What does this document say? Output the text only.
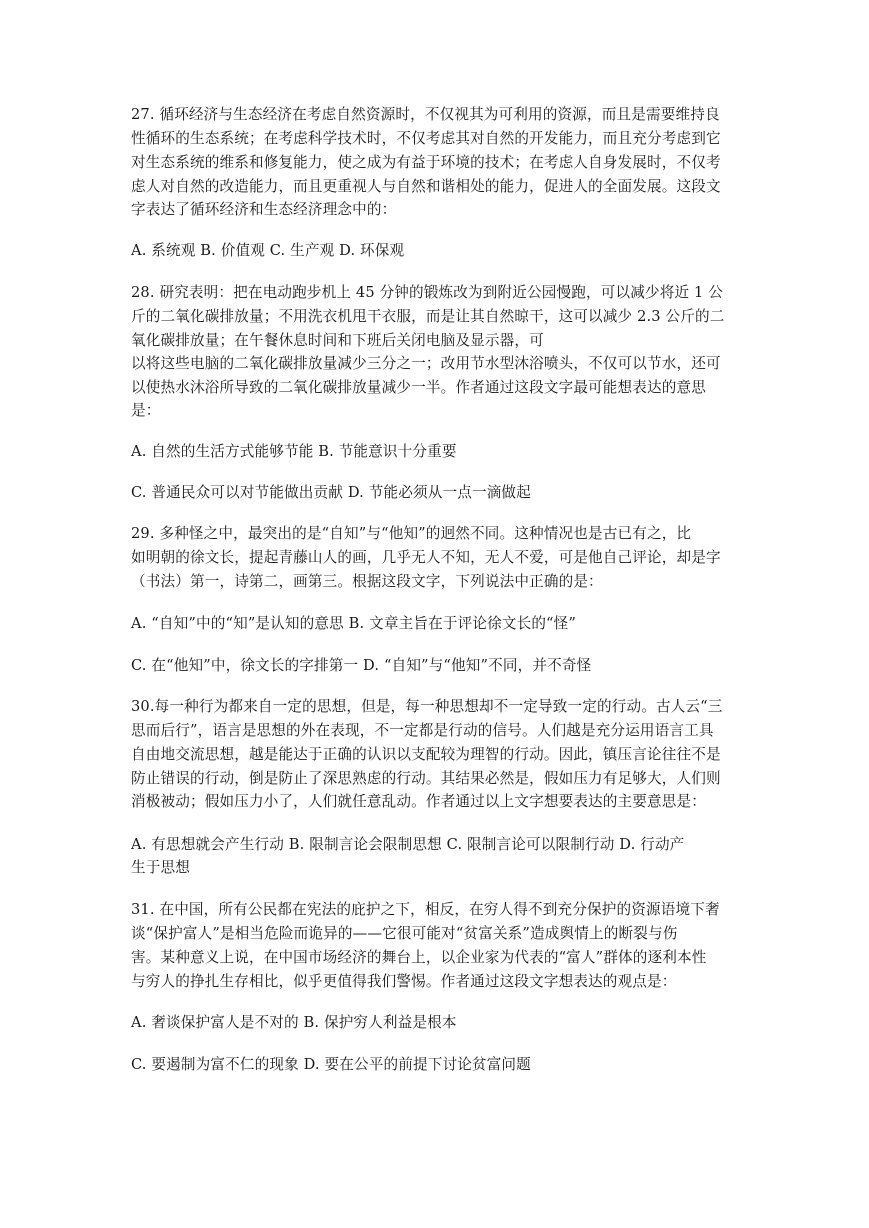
27. 循环经济与生态经济在考虑自然资源时，不仅视其为可利用的资源，而且是需要维持良
性循环的生态系统；在考虑科学技术时，不仅考虑其对自然的开发能力，而且充分考虑到它
对生态系统的维系和修复能力，使之成为有益于环境的技术；在考虑人自身发展时，不仅考
虑人对自然的改造能力，而且更重视人与自然和谐相处的能力，促进人的全面发展。这段文
字表达了循环经济和生态经济理念中的：
A. 系统观 B. 价值观 C. 生产观 D. 环保观
28. 研究表明：把在电动跑步机上 45 分钟的锻炼改为到附近公园慢跑，可以减少将近 1 公
斤的二氧化碳排放量；不用洗衣机甩干衣服，而是让其自然晾干，这可以减少 2.3 公斤的二
氧化碳排放量；在午餐休息时间和下班后关闭电脑及显示器，可
以将这些电脑的二氧化碳排放量减少三分之一；改用节水型沐浴喷头，不仅可以节水，还可
以使热水沐浴所导致的二氧化碳排放量减少一半。作者通过这段文字最可能想表达的意思
是：
A. 自然的生活方式能够节能 B. 节能意识十分重要
C. 普通民众可以对节能做出贡献 D. 节能必须从一点一滴做起
29. 多种怪之中，最突出的是“自知”与“他知”的迥然不同。这种情况也是古已有之，比
如明朝的徐文长，提起青藤山人的画，几乎无人不知，无人不爱，可是他自己评论，却是字
（书法）第一，诗第二，画第三。根据这段文字，下列说法中正确的是：
A. “自知”中的“知”是认知的意思 B. 文章主旨在于评论徐文长的“怪”
C. 在“他知”中，徐文长的字排第一 D. “自知”与“他知”不同，并不奇怪
30.每一种行为都来自一定的思想，但是，每一种思想却不一定导致一定的行动。古人云“三
思而后行”，语言是思想的外在表现，不一定都是行动的信号。人们越是充分运用语言工具
自由地交流思想，越是能达于正确的认识以支配较为理智的行动。因此，镇压言论往往不是
防止错误的行动，倒是防止了深思熟虑的行动。其结果必然是，假如压力有足够大，人们则
消极被动；假如压力小了，人们就任意乱动。作者通过以上文字想要表达的主要意思是：
A. 有思想就会产生行动 B. 限制言论会限制思想 C. 限制言论可以限制行动 D. 行动产
生于思想
31. 在中国，所有公民都在宪法的庇护之下，相反，在穷人得不到充分保护的资源语境下奢
谈“保护富人”是相当危险而诡异的——它很可能对“贫富关系”造成舆情上的断裂与伤
害。某种意义上说，在中国市场经济的舞台上，以企业家为代表的“富人”群体的逐利本性
与穷人的挣扎生存相比，似乎更值得我们警惕。作者通过这段文字想表达的观点是：
A. 奢谈保护富人是不对的 B. 保护穷人利益是根本
C. 要遏制为富不仁的现象 D. 要在公平的前提下讨论贫富问题
